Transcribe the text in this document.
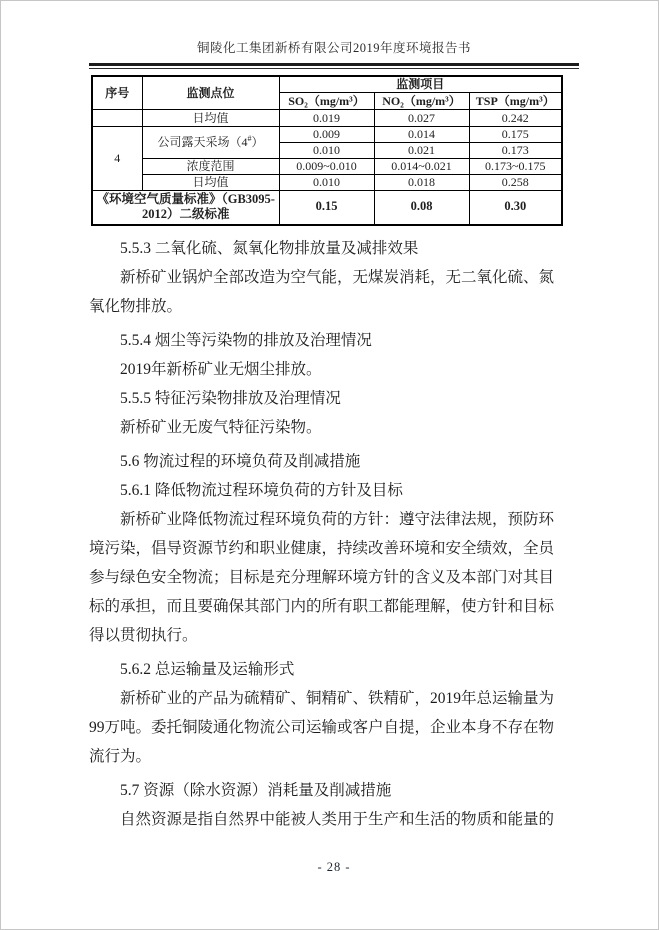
铜陵化工集团新桥有限公司2019年度环境报告书
序号	监测点位	监测项目		
		SO₂（mg/m³）	NO₂（mg/m³）	TSP（mg/m³）
	日均值	0.019	0.027	0.242
4	公司露天采场（4#）	0.009	0.014	0.175
		0.010	0.021	0.173
	浓度范围	0.009~0.010	0.014~0.021	0.173~0.175
	日均值	0.010	0.018	0.258
《环境空气质量标准》（GB3095-2012）二级标准		0.15	0.08	0.30
5.5.3 二氧化硫、氮氧化物排放量及减排效果
新桥矿业锅炉全部改造为空气能，无煤炭消耗，无二氧化硫、氮
氧化物排放。
5.5.4 烟尘等污染物的排放及治理情况
2019年新桥矿业无烟尘排放。
5.5.5 特征污染物排放及治理情况
新桥矿业无废气特征污染物。
5.6 物流过程的环境负荷及削减措施
5.6.1 降低物流过程环境负荷的方针及目标
新桥矿业降低物流过程环境负荷的方针：遵守法律法规，预防环
境污染，倡导资源节约和职业健康，持续改善环境和安全绩效，全员
参与绿色安全物流；目标是充分理解环境方针的含义及本部门对其目
标的承担，而且要确保其部门内的所有职工都能理解，使方针和目标
得以贯彻执行。
5.6.2 总运输量及运输形式
新桥矿业的产品为硫精矿、铜精矿、铁精矿，2019年总运输量为
99万吨。委托铜陵通化物流公司运输或客户自提，企业本身不存在物
流行为。
5.7 资源（除水资源）消耗量及削减措施
自然资源是指自然界中能被人类用于生产和生活的物质和能量的
- 28 -
